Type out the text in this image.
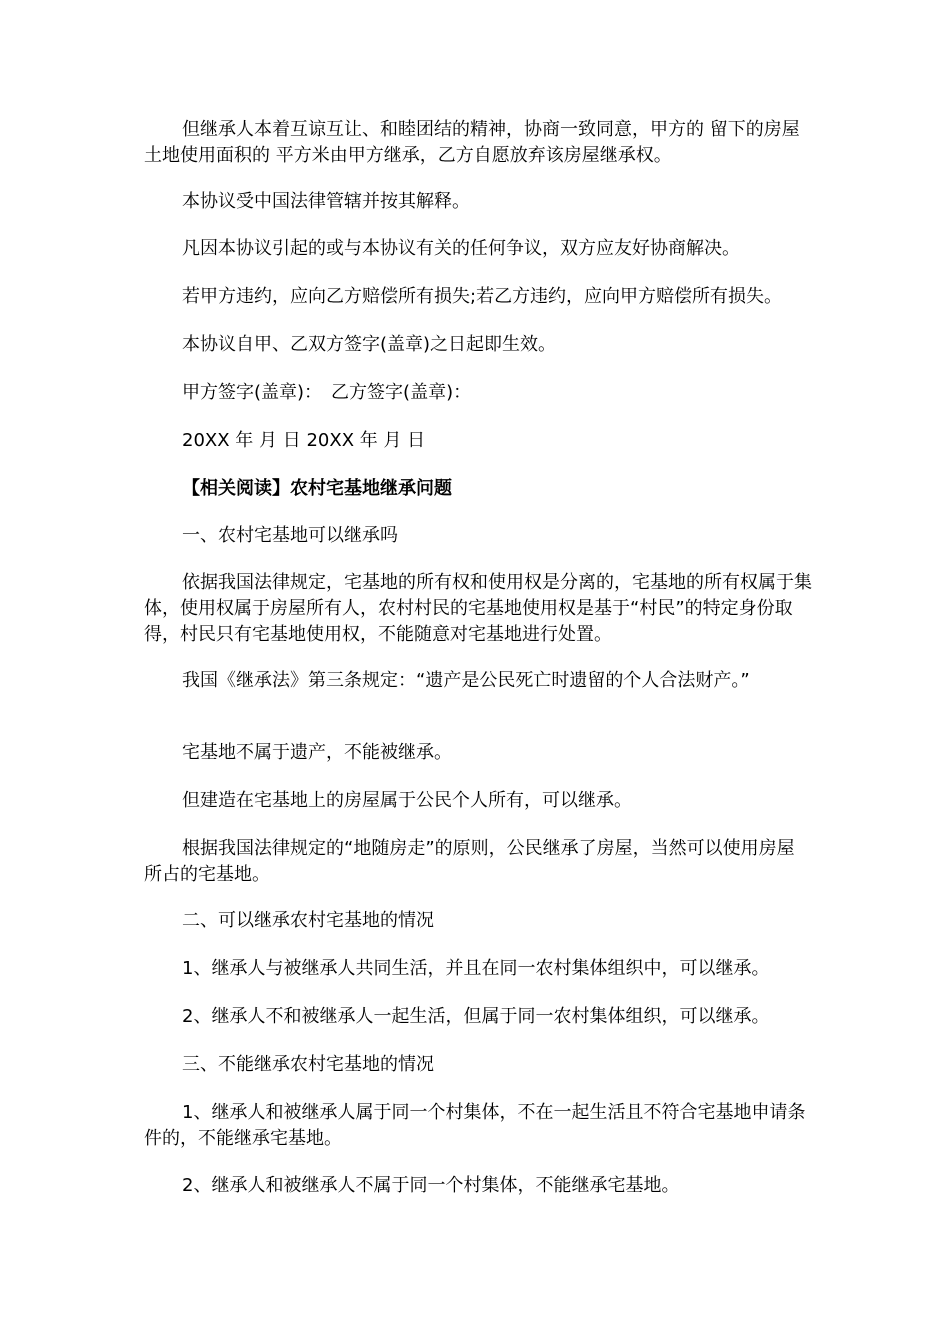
但继承人本着互谅互让、和睦团结的精神，协商一致同意，甲方的 留下的房屋土地使用面积的 平方米由甲方继承，乙方自愿放弃该房屋继承权。

本协议受中国法律管辖并按其解释。

凡因本协议引起的或与本协议有关的任何争议，双方应友好协商解决。

若甲方违约，应向乙方赔偿所有损失;若乙方违约，应向甲方赔偿所有损失。

本协议自甲、乙双方签字(盖章)之日起即生效。

甲方签字(盖章)：　乙方签字(盖章)：

20XX 年 月 日 20XX 年 月 日

【相关阅读】农村宅基地继承问题

一、农村宅基地可以继承吗

依据我国法律规定，宅基地的所有权和使用权是分离的，宅基地的所有权属于集体，使用权属于房屋所有人，农村村民的宅基地使用权是基于“村民”的特定身份取得，村民只有宅基地使用权，不能随意对宅基地进行处置。

我国《继承法》第三条规定：“遗产是公民死亡时遗留的个人合法财产。”

宅基地不属于遗产，不能被继承。

但建造在宅基地上的房屋属于公民个人所有，可以继承。

根据我国法律规定的“地随房走”的原则，公民继承了房屋，当然可以使用房屋所占的宅基地。

二、可以继承农村宅基地的情况

1、继承人与被继承人共同生活，并且在同一农村集体组织中，可以继承。

2、继承人不和被继承人一起生活，但属于同一农村集体组织，可以继承。

三、不能继承农村宅基地的情况

1、继承人和被继承人属于同一个村集体，不在一起生活且不符合宅基地申请条件的，不能继承宅基地。

2、继承人和被继承人不属于同一个村集体，不能继承宅基地。
